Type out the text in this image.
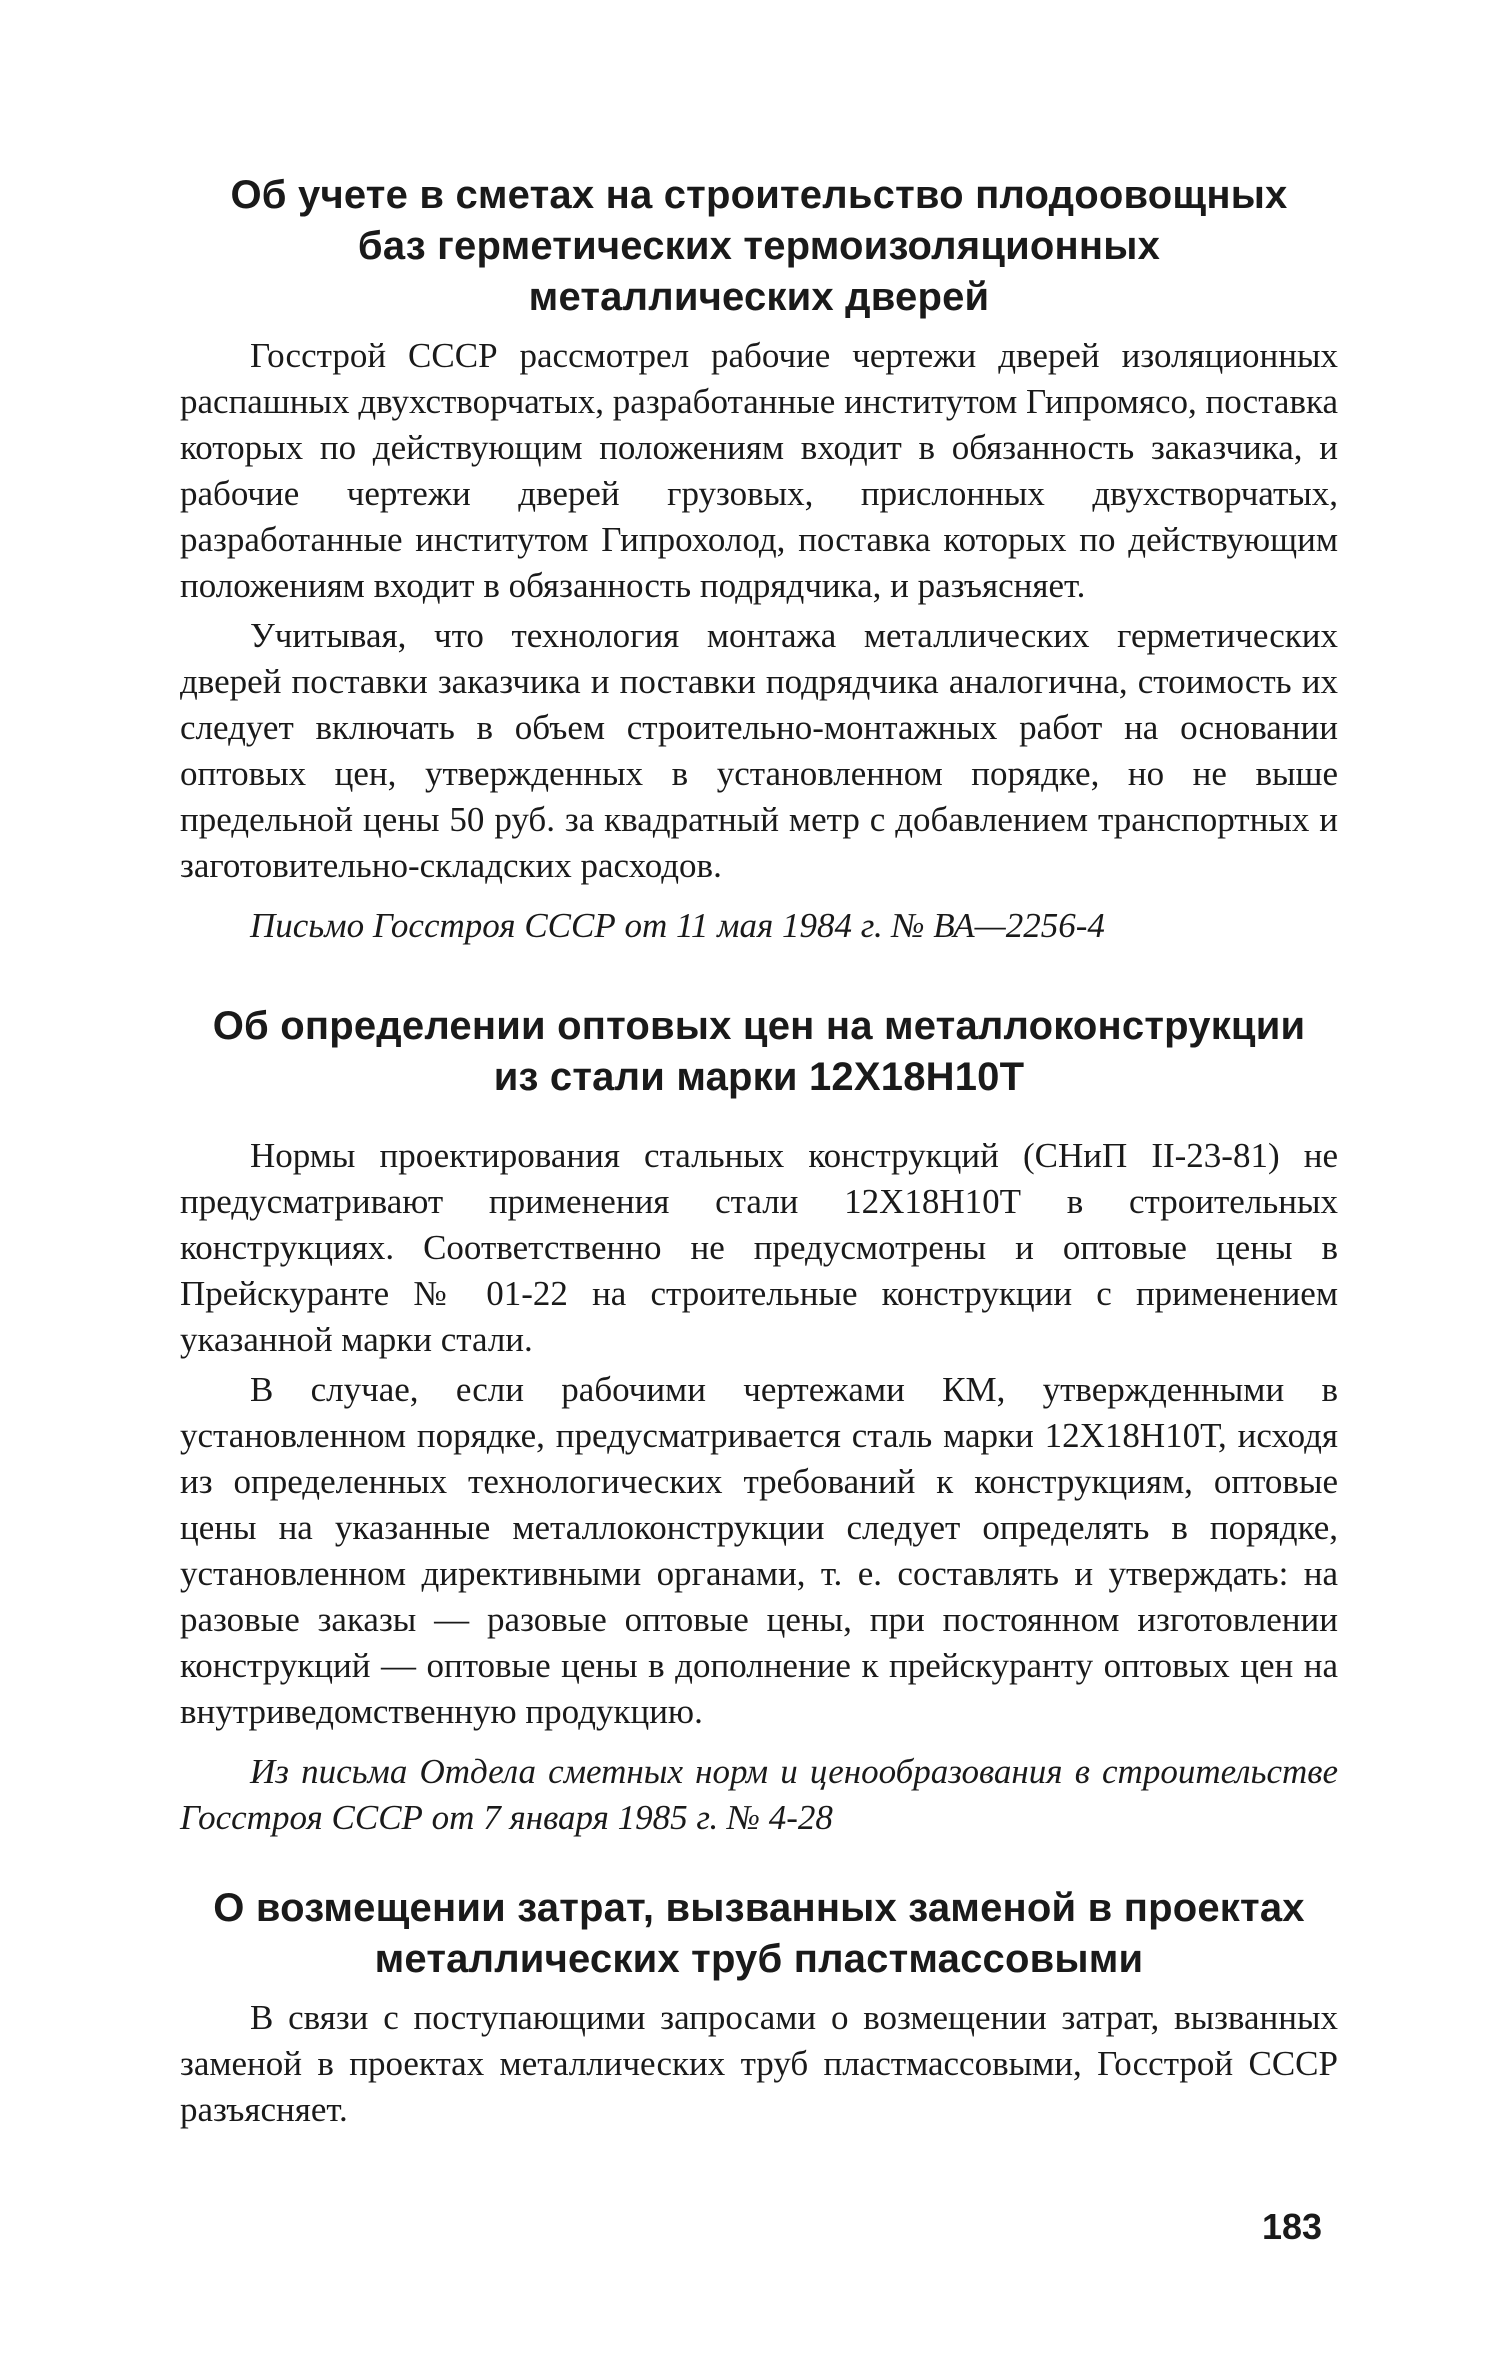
Об учете в сметах на строительство плодоовощных баз герметических термоизоляционных металлических дверей

Госстрой СССР рассмотрел рабочие чертежи дверей изоляционных распашных двухстворчатых, разработанные институтом Гипромясо, поставка которых по действующим положениям входит в обязанность заказчика, и рабочие чертежи дверей грузовых, прислонных двухстворчатых, разработанные институтом Гипрохолод, поставка которых по действующим положениям входит в обязанность подрядчика, и разъясняет.

Учитывая, что технология монтажа металлических герметических дверей поставки заказчика и поставки подрядчика аналогична, стоимость их следует включать в объем строительно-монтажных работ на основании оптовых цен, утвержденных в установленном порядке, но не выше предельной цены 50 руб. за квадратный метр с добавлением транспортных и заготовительно-складских расходов.

Письмо Госстроя СССР от 11 мая 1984 г. № ВА—2256-4

Об определении оптовых цен на металлоконструкции из стали марки 12Х18Н10Т

Нормы проектирования стальных конструкций (СНиП II-23-81) не предусматривают применения стали 12Х18Н10Т в строительных конструкциях. Соответственно не предусмотрены и оптовые цены в Прейскуранте № 01-22 на строительные конструкции с применением указанной марки стали.

В случае, если рабочими чертежами КМ, утвержденными в установленном порядке, предусматривается сталь марки 12Х18Н10Т, исходя из определенных технологических требований к конструкциям, оптовые цены на указанные металлоконструкции следует определять в порядке, установленном директивными органами, т. е. составлять и утверждать: на разовые заказы — разовые оптовые цены, при постоянном изготовлении конструкций — оптовые цены в дополнение к прейскуранту оптовых цен на внутриведомственную продукцию.

Из письма Отдела сметных норм и ценообразования в строительстве Госстроя СССР от 7 января 1985 г. № 4-28

О возмещении затрат, вызванных заменой в проектах металлических труб пластмассовыми

В связи с поступающими запросами о возмещении затрат, вызванных заменой в проектах металлических труб пластмассовыми, Госстрой СССР разъясняет.

183
